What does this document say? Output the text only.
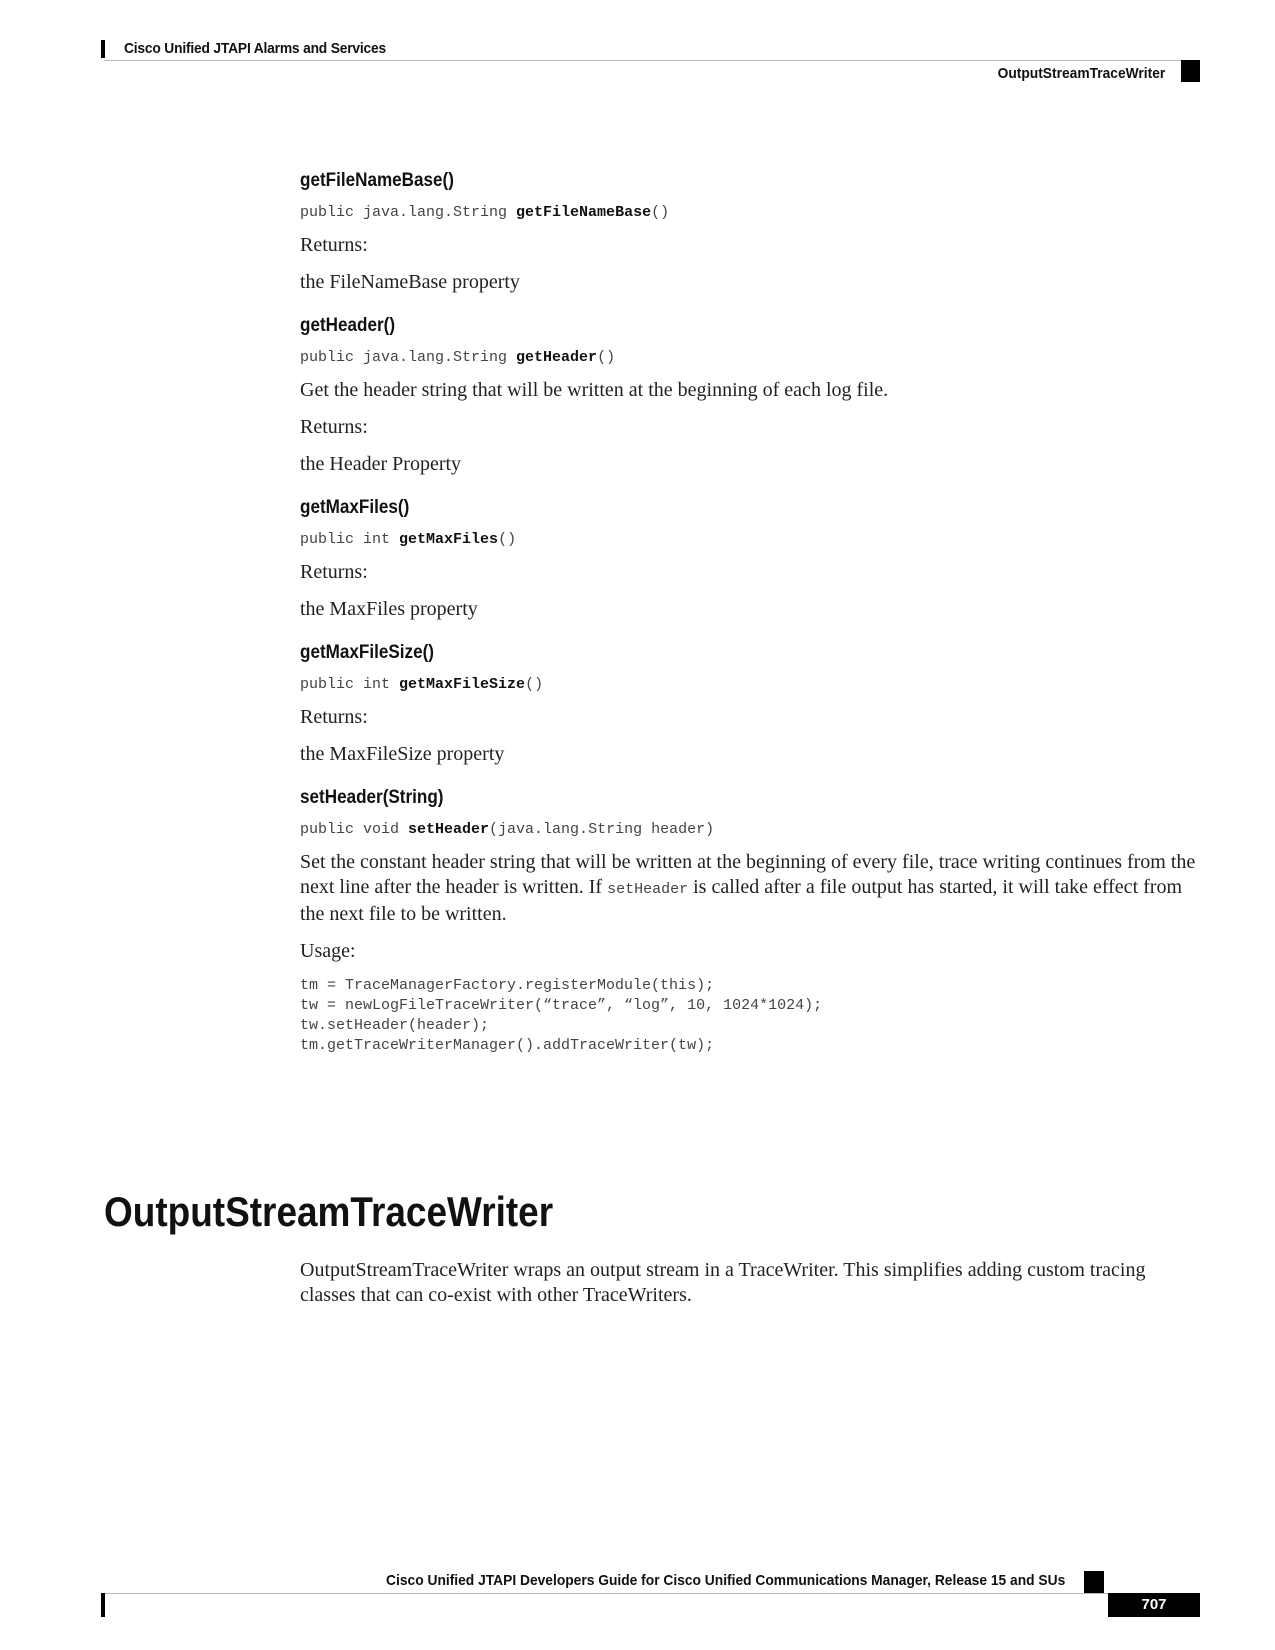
Cisco Unified JTAPI Alarms and Services
OutputStreamTraceWriter
getFileNameBase()
public java.lang.String getFileNameBase()
Returns:
the FileNameBase property
getHeader()
public java.lang.String getHeader()
Get the header string that will be written at the beginning of each log file.
Returns:
the Header Property
getMaxFiles()
public int getMaxFiles()
Returns:
the MaxFiles property
getMaxFileSize()
public int getMaxFileSize()
Returns:
the MaxFileSize property
setHeader(String)
public void setHeader(java.lang.String header)
Set the constant header string that will be written at the beginning of every file, trace writing continues from the next line after the header is written. If setHeader is called after a file output has started, it will take effect from the next file to be written.
Usage:
tm = TraceManagerFactory.registerModule(this);
tw = newLogFileTraceWriter(“trace”, “log”, 10, 1024*1024);
tw.setHeader(header);
tm.getTraceWriterManager().addTraceWriter(tw);
OutputStreamTraceWriter

OutputStreamTraceWriter wraps an output stream in a TraceWriter. This simplifies adding custom tracing classes that can co-exist with other TraceWriters.

Cisco Unified JTAPI Developers Guide for Cisco Unified Communications Manager, Release 15 and SUs
707
